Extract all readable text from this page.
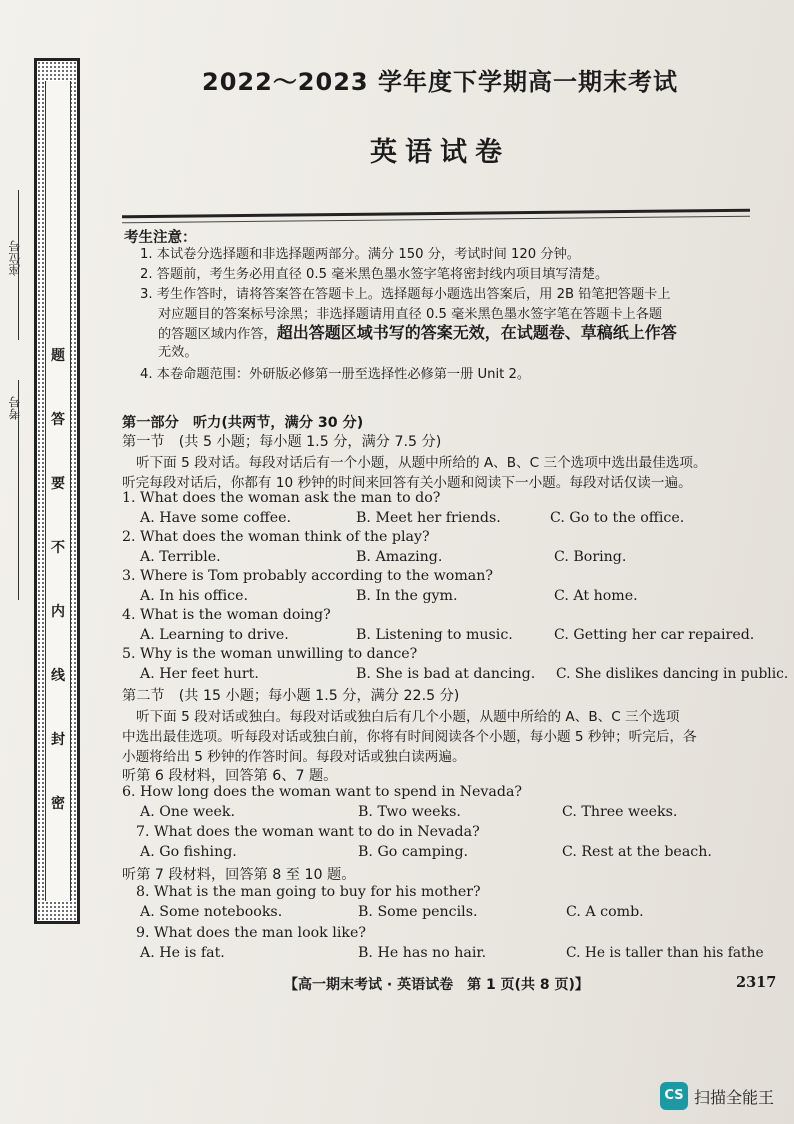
题
答
要
不
内
线
封
密
座位号
考号
2022～2023 学年度下学期高一期末考试
英语试卷
考生注意：
1. 本试卷分选择题和非选择题两部分。满分 150 分，考试时间 120 分钟。
2. 答题前，考生务必用直径 0.5 毫米黑色墨水签字笔将密封线内项目填写清楚。
3. 考生作答时，请将答案答在答题卡上。选择题每小题选出答案后，用 2B 铅笔把答题卡上
对应题目的答案标号涂黑；非选择题请用直径 0.5 毫米黑色墨水签字笔在答题卡上各题
的答题区域内作答，超出答题区域书写的答案无效，在试题卷、草稿纸上作答
无效。
4. 本卷命题范围：外研版必修第一册至选择性必修第一册 Unit 2。
第一部分　听力(共两节，满分 30 分)
第一节　(共 5 小题；每小题 1.5 分，满分 7.5 分)
听下面 5 段对话。每段对话后有一个小题，从题中所给的 A、B、C 三个选项中选出最佳选项。
听完每段对话后，你都有 10 秒钟的时间来回答有关小题和阅读下一小题。每段对话仅读一遍。
1. What does the woman ask the man to do?
A. Have some coffee.	B. Meet her friends.	C. Go to the office.
2. What does the woman think of the play?
A. Terrible.	B. Amazing.	C. Boring.
3. Where is Tom probably according to the woman?
A. In his office.	B. In the gym.	C. At home.
4. What is the woman doing?
A. Learning to drive.	B. Listening to music.	C. Getting her car repaired.
5. Why is the woman unwilling to dance?
A. Her feet hurt.	B. She is bad at dancing. C. She dislikes dancing in public.
第二节　(共 15 小题；每小题 1.5 分，满分 22.5 分)
听下面 5 段对话或独白。每段对话或独白后有几个小题，从题中所给的 A、B、C 三个选项
中选出最佳选项。听每段对话或独白前，你将有时间阅读各个小题，每小题 5 秒钟；听完后，各
小题将给出 5 秒钟的作答时间。每段对话或独白读两遍。
听第 6 段材料，回答第 6、7 题。
6. How long does the woman want to spend in Nevada?
A. One week.	B. Two weeks.	C. Three weeks.
7. What does the woman want to do in Nevada?
A. Go fishing.	B. Go camping.	C. Rest at the beach.
听第 7 段材料，回答第 8 至 10 题。
8. What is the man going to buy for his mother?
A. Some notebooks.	B. Some pencils.	C. A comb.
9. What does the man look like?
A. He is fat.	B. He has no hair.	C. He is taller than his fathe
【高一期末考试 · 英语试卷　第 1 页(共 8 页)】	2317
CS 扫描全能王
